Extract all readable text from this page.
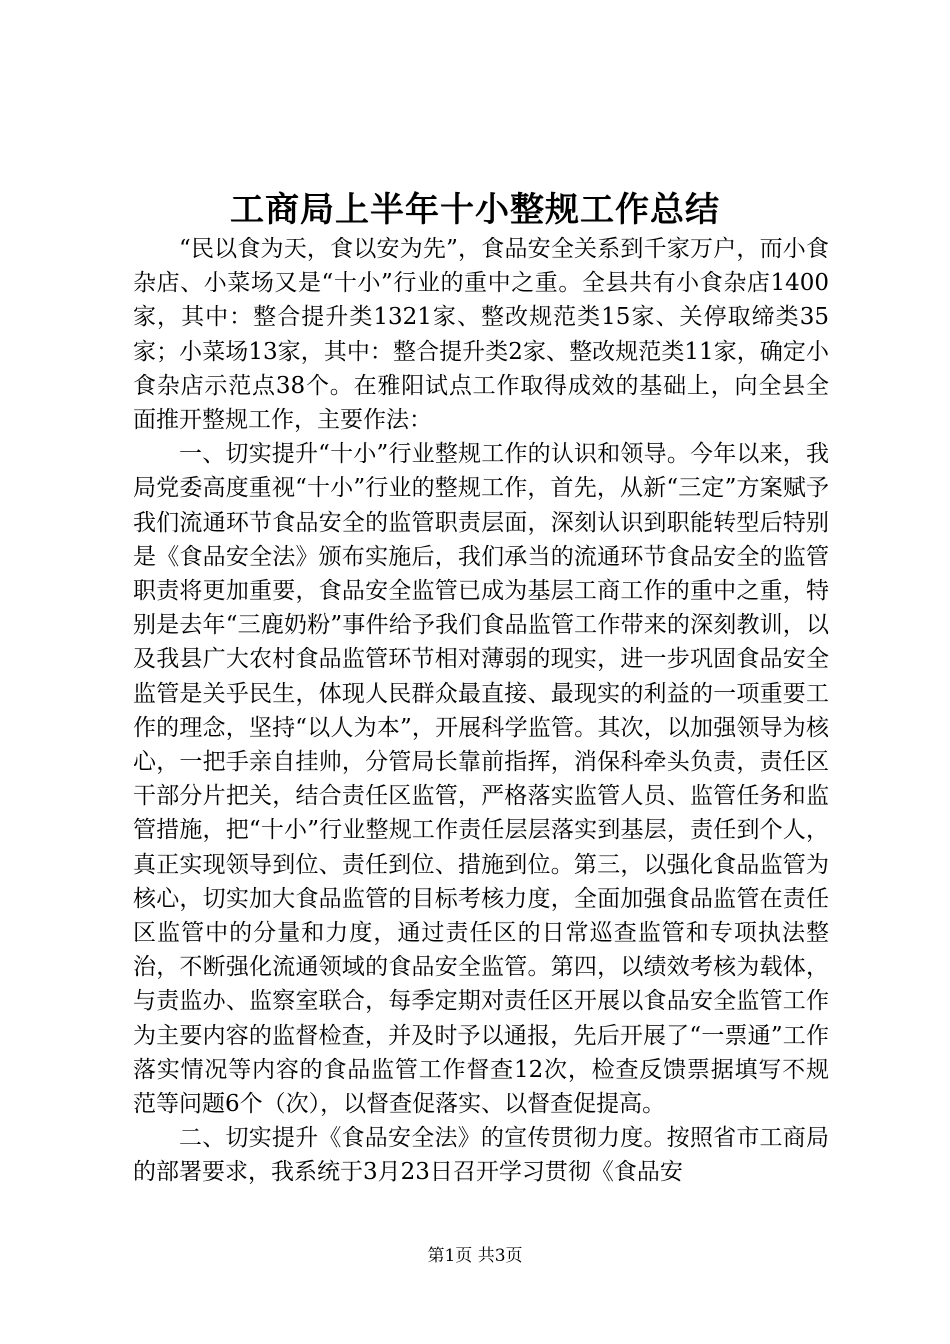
工商局上半年十小整规工作总结

“民以食为天，食以安为先”，食品安全关系到千家万户，而小食杂店、小菜场又是“十小”行业的重中之重。全县共有小食杂店1400家，其中：整合提升类1321家、整改规范类15家、关停取缔类35家；小菜场13家，其中：整合提升类2家、整改规范类11家，确定小食杂店示范点38个。在雅阳试点工作取得成效的基础上，向全县全面推开整规工作，主要作法：

一、切实提升“十小”行业整规工作的认识和领导。今年以来，我局党委高度重视“十小”行业的整规工作，首先，从新“三定”方案赋予我们流通环节食品安全的监管职责层面，深刻认识到职能转型后特别是《食品安全法》颁布实施后，我们承当的流通环节食品安全的监管职责将更加重要，食品安全监管已成为基层工商工作的重中之重，特别是去年“三鹿奶粉”事件给予我们食品监管工作带来的深刻教训，以及我县广大农村食品监管环节相对薄弱的现实，进一步巩固食品安全监管是关乎民生，体现人民群众最直接、最现实的利益的一项重要工作的理念，坚持“以人为本”，开展科学监管。其次，以加强领导为核心，一把手亲自挂帅，分管局长靠前指挥，消保科牵头负责，责任区干部分片把关，结合责任区监管，严格落实监管人员、监管任务和监管措施，把“十小”行业整规工作责任层层落实到基层，责任到个人，真正实现领导到位、责任到位、措施到位。第三，以强化食品监管为核心，切实加大食品监管的目标考核力度，全面加强食品监管在责任区监管中的分量和力度，通过责任区的日常巡查监管和专项执法整治，不断强化流通领域的食品安全监管。第四，以绩效考核为载体，与责监办、监察室联合，每季定期对责任区开展以食品安全监管工作为主要内容的监督检查，并及时予以通报，先后开展了“一票通”工作落实情况等内容的食品监管工作督查12次，检查反馈票据填写不规范等问题6个（次），以督查促落实、以督查促提高。

二、切实提升《食品安全法》的宣传贯彻力度。按照省市工商局的部署要求，我系统于3月23日召开学习贯彻《食品安

第1页 共3页
